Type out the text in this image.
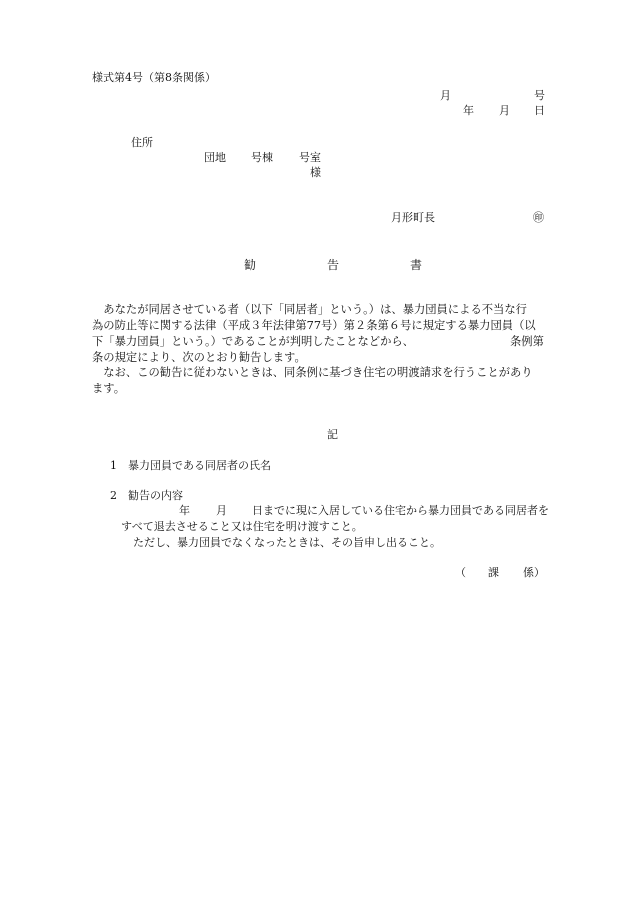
様式第4号（第8条関係）
月	号
年 月 日
住所
団地 号棟 号室
様
月形町長	㊞
勧	告	書
　あなたが同居させている者（以下「同居者」という。）は、暴力団員による不当な行
為の防止等に関する法律（平成３年法律第77号）第２条第６号に規定する暴力団員（以
下「暴力団員」という。）であることが判明したことなどから、	条例第
条の規定により、次のとおり勧告します。
　なお、この勧告に従わないときは、同条例に基づき住宅の明渡請求を行うことがあり
ます。
記
1　暴力団員である同居者の氏名
2　勧告の内容
年 月 日までに現に入居している住宅から暴力団員である同居者を
すべて退去させること又は住宅を明け渡すこと。
ただし、暴力団員でなくなったときは、その旨申し出ること。
（ 課 係）
